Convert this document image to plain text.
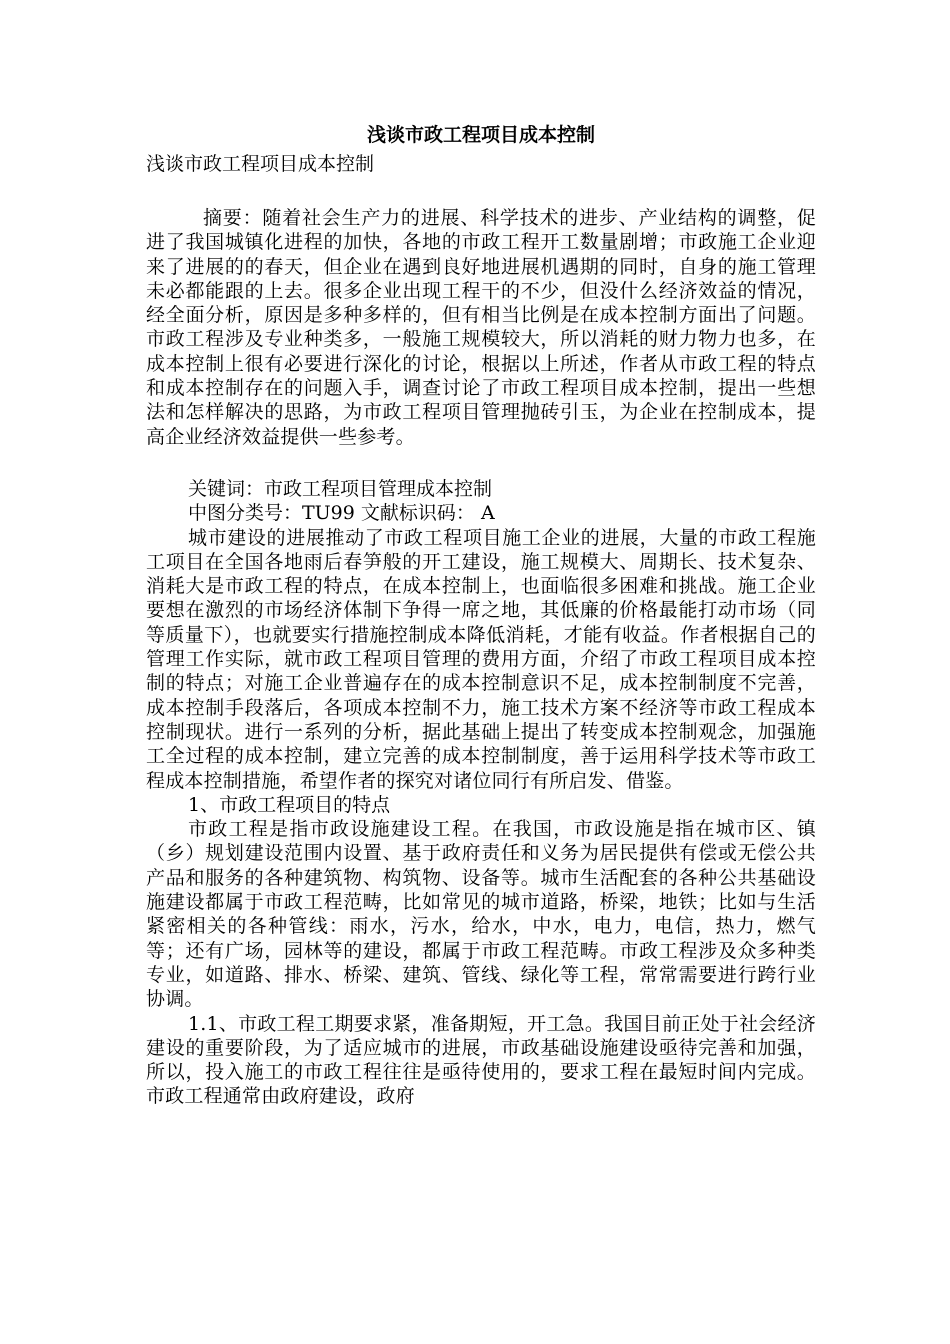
浅谈市政工程项目成本控制

浅谈市政工程项目成本控制

摘要：随着社会生产力的进展、科学技术的进步、产业结构的调整，促进了我国城镇化进程的加快，各地的市政工程开工数量剧增；市政施工企业迎来了进展的的春天，但企业在遇到良好地进展机遇期的同时，自身的施工管理未必都能跟的上去。很多企业出现工程干的不少，但没什么经济效益的情况，经全面分析，原因是多种多样的，但有相当比例是在成本控制方面出了问题。市政工程涉及专业种类多，一般施工规模较大，所以消耗的财力物力也多，在成本控制上很有必要进行深化的讨论，根据以上所述，作者从市政工程的特点和成本控制存在的问题入手，调查讨论了市政工程项目成本控制，提出一些想法和怎样解决的思路，为市政工程项目管理抛砖引玉，为企业在控制成本，提高企业经济效益提供一些参考。

关键词：市政工程项目管理成本控制

中图分类号：TU99 文献标识码： A

城市建设的进展推动了市政工程项目施工企业的进展，大量的市政工程施工项目在全国各地雨后春笋般的开工建设，施工规模大、周期长、技术复杂、消耗大是市政工程的特点，在成本控制上，也面临很多困难和挑战。施工企业要想在激烈的市场经济体制下争得一席之地，其低廉的价格最能打动市场（同等质量下），也就要实行措施控制成本降低消耗，才能有收益。作者根据自己的管理工作实际，就市政工程项目管理的费用方面，介绍了市政工程项目成本控制的特点；对施工企业普遍存在的成本控制意识不足，成本控制制度不完善，成本控制手段落后，各项成本控制不力，施工技术方案不经济等市政工程成本控制现状。进行一系列的分析，据此基础上提出了转变成本控制观念，加强施工全过程的成本控制，建立完善的成本控制制度，善于运用科学技术等市政工程成本控制措施，希望作者的探究对诸位同行有所启发、借鉴。

1、市政工程项目的特点

市政工程是指市政设施建设工程。在我国，市政设施是指在城市区、镇（乡）规划建设范围内设置、基于政府责任和义务为居民提供有偿或无偿公共产品和服务的各种建筑物、构筑物、设备等。城市生活配套的各种公共基础设施建设都属于市政工程范畴，比如常见的城市道路，桥梁，地铁；比如与生活紧密相关的各种管线：雨水，污水，给水，中水，电力，电信，热力，燃气等；还有广场，园林等的建设，都属于市政工程范畴。市政工程涉及众多种类专业，如道路、排水、桥梁、建筑、管线、绿化等工程，常常需要进行跨行业协调。

1.1、市政工程工期要求紧，准备期短，开工急。我国目前正处于社会经济建设的重要阶段，为了适应城市的进展，市政基础设施建设亟待完善和加强，所以，投入施工的市政工程往往是亟待使用的，要求工程在最短时间内完成。市政工程通常由政府建设，政府
